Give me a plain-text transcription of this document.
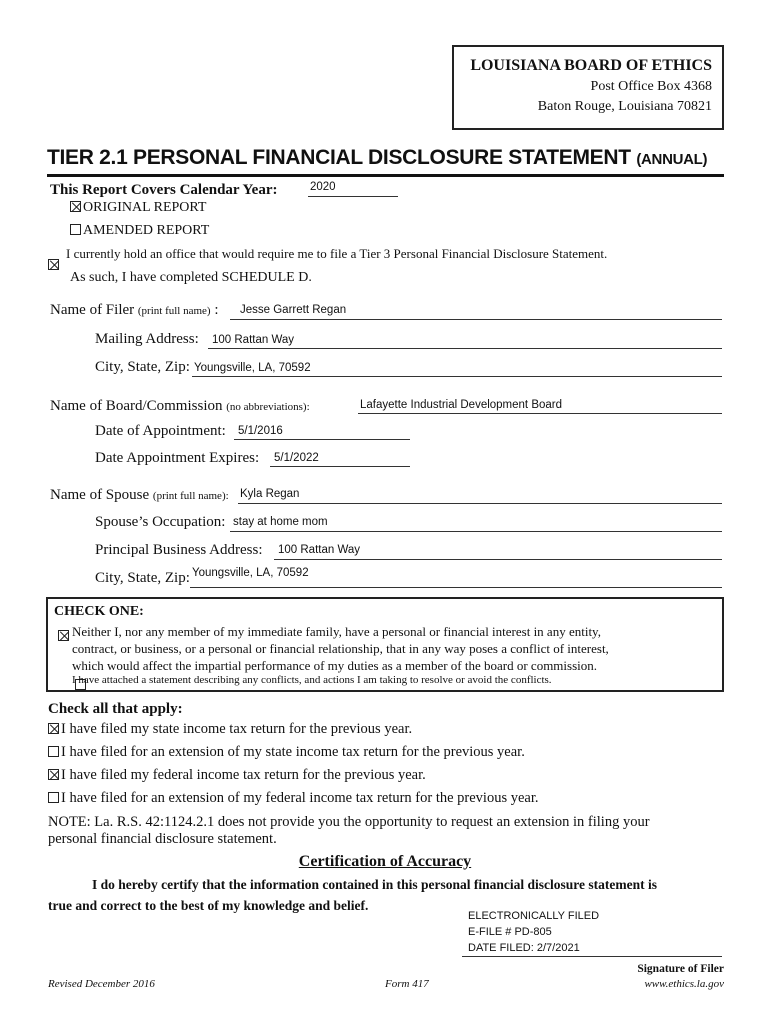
LOUISIANA BOARD OF ETHICS
Post Office Box 4368
Baton Rouge, Louisiana 70821
TIER 2.1 PERSONAL FINANCIAL DISCLOSURE STATEMENT (ANNUAL)
This Report Covers Calendar Year:	2020
ORIGINAL REPORT
AMENDED REPORT
I currently hold an office that would require me to file a Tier 3 Personal Financial Disclosure Statement.
As such, I have completed SCHEDULE D.
Name of Filer (print full name) : Jesse Garrett Regan
Mailing Address: 100 Rattan Way
City, State, Zip: Youngsville, LA, 70592
Name of Board/Commission (no abbreviations):	Lafayette Industrial Development Board
Date of Appointment: 5/1/2016
Date Appointment Expires: 5/1/2022
Name of Spouse (print full name): Kyla Regan
Spouse’s Occupation: stay at home mom
Principal Business Address: 100 Rattan Way
City, State, Zip: Youngsville, LA, 70592
CHECK ONE:

Neither I, nor any member of my immediate family, have a personal or financial interest in any entity,
contract, or business, or a personal or financial relationship, that in any way poses a conflict of interest,
which would affect the impartial performance of my duties as a member of the board or commission.
I have attached a statement describing any conflicts, and actions I am taking to resolve or avoid the conflicts.
Check all that apply:
I have filed my state income tax return for the previous year.
I have filed for an extension of my state income tax return for the previous year.
I have filed my federal income tax return for the previous year.
I have filed for an extension of my federal income tax return for the previous year.
NOTE: La. R.S. 42:1124.2.1 does not provide you the opportunity to request an extension in filing your
personal financial disclosure statement.
Certification of Accuracy
I do hereby certify that the information contained in this personal financial disclosure statement is
true and correct to the best of my knowledge and belief.
ELECTRONICALLY FILED
E-FILE # PD-805
DATE FILED: 2/7/2021
Signature of Filer
Revised December 2016	Form 417	www.ethics.la.gov
